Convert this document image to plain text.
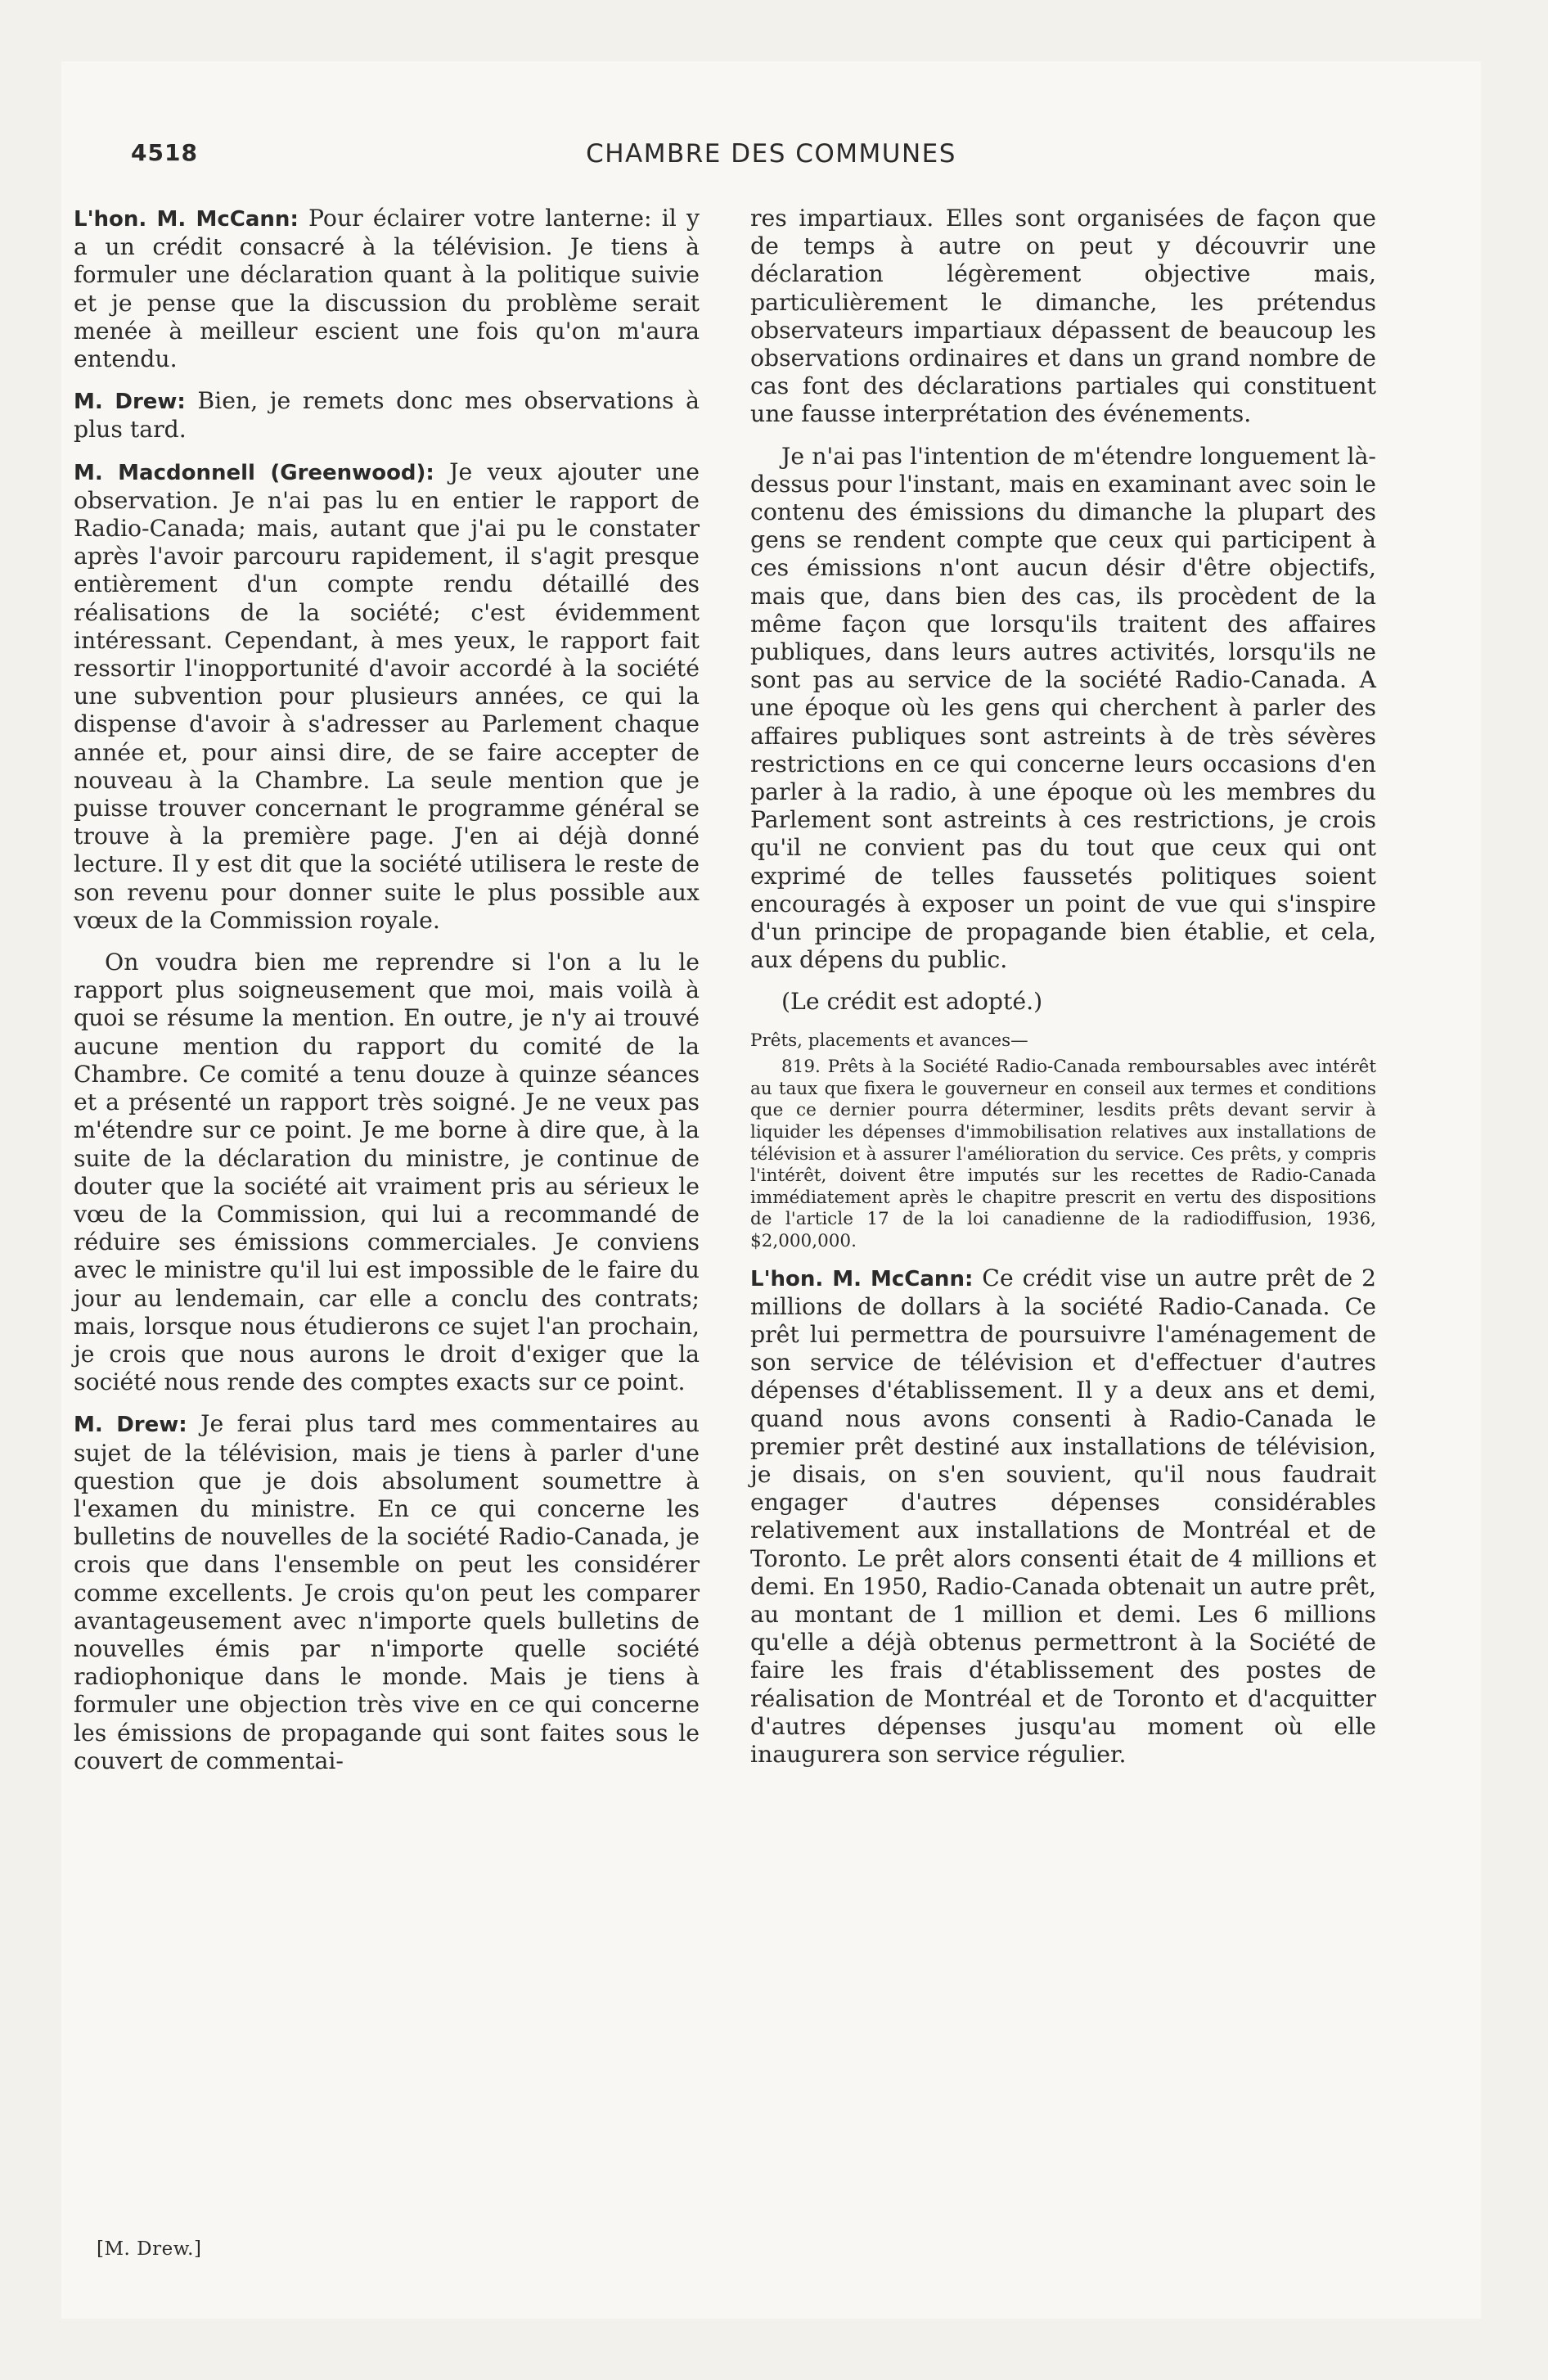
4518	CHAMBRE DES COMMUNES

L'hon. M. McCann: Pour éclairer votre lanterne: il y a un crédit consacré à la télévision. Je tiens à formuler une déclaration quant à la politique suivie et je pense que la discussion du problème serait menée à meilleur escient une fois qu'on m'aura entendu.

M. Drew: Bien, je remets donc mes observations à plus tard.

M. Macdonnell (Greenwood): Je veux ajouter une observation. Je n'ai pas lu en entier le rapport de Radio-Canada; mais, autant que j'ai pu le constater après l'avoir parcouru rapidement, il s'agit presque entièrement d'un compte rendu détaillé des réalisations de la société; c'est évidemment intéressant. Cependant, à mes yeux, le rapport fait ressortir l'inopportunité d'avoir accordé à la société une subvention pour plusieurs années, ce qui la dispense d'avoir à s'adresser au Parlement chaque année et, pour ainsi dire, de se faire accepter de nouveau à la Chambre. La seule mention que je puisse trouver concernant le programme général se trouve à la première page. J'en ai déjà donné lecture. Il y est dit que la société utilisera le reste de son revenu pour donner suite le plus possible aux vœux de la Commission royale.

On voudra bien me reprendre si l'on a lu le rapport plus soigneusement que moi, mais voilà à quoi se résume la mention. En outre, je n'y ai trouvé aucune mention du rapport du comité de la Chambre. Ce comité a tenu douze à quinze séances et a présenté un rapport très soigné. Je ne veux pas m'étendre sur ce point. Je me borne à dire que, à la suite de la déclaration du ministre, je continue de douter que la société ait vraiment pris au sérieux le vœu de la Commission, qui lui a recommandé de réduire ses émissions commerciales. Je conviens avec le ministre qu'il lui est impossible de le faire du jour au lendemain, car elle a conclu des contrats; mais, lorsque nous étudierons ce sujet l'an prochain, je crois que nous aurons le droit d'exiger que la société nous rende des comptes exacts sur ce point.

M. Drew: Je ferai plus tard mes commentaires au sujet de la télévision, mais je tiens à parler d'une question que je dois absolument soumettre à l'examen du ministre. En ce qui concerne les bulletins de nouvelles de la société Radio-Canada, je crois que dans l'ensemble on peut les considérer comme excellents. Je crois qu'on peut les comparer avantageusement avec n'importe quels bulletins de nouvelles émis par n'importe quelle société radiophonique dans le monde. Mais je tiens à formuler une objection très vive en ce qui concerne les émissions de propagande qui sont faites sous le couvert de commentai-

res impartiaux. Elles sont organisées de façon que de temps à autre on peut y découvrir une déclaration légèrement objective mais, particulièrement le dimanche, les prétendus observateurs impartiaux dépassent de beaucoup les observations ordinaires et dans un grand nombre de cas font des déclarations partiales qui constituent une fausse interprétation des événements.

Je n'ai pas l'intention de m'étendre longuement là-dessus pour l'instant, mais en examinant avec soin le contenu des émissions du dimanche la plupart des gens se rendent compte que ceux qui participent à ces émissions n'ont aucun désir d'être objectifs, mais que, dans bien des cas, ils procèdent de la même façon que lorsqu'ils traitent des affaires publiques, dans leurs autres activités, lorsqu'ils ne sont pas au service de la société Radio-Canada. A une époque où les gens qui cherchent à parler des affaires publiques sont astreints à de très sévères restrictions en ce qui concerne leurs occasions d'en parler à la radio, à une époque où les membres du Parlement sont astreints à ces restrictions, je crois qu'il ne convient pas du tout que ceux qui ont exprimé de telles faussetés politiques soient encouragés à exposer un point de vue qui s'inspire d'un principe de propagande bien établie, et cela, aux dépens du public.

(Le crédit est adopté.)

Prêts, placements et avances—

819. Prêts à la Société Radio-Canada remboursables avec intérêt au taux que fixera le gouverneur en conseil aux termes et conditions que ce dernier pourra déterminer, lesdits prêts devant servir à liquider les dépenses d'immobilisation relatives aux installations de télévision et à assurer l'amélioration du service. Ces prêts, y compris l'intérêt, doivent être imputés sur les recettes de Radio-Canada immédiatement après le chapitre prescrit en vertu des dispositions de l'article 17 de la loi canadienne de la radiodiffusion, 1936, $2,000,000.

L'hon. M. McCann: Ce crédit vise un autre prêt de 2 millions de dollars à la société Radio-Canada. Ce prêt lui permettra de poursuivre l'aménagement de son service de télévision et d'effectuer d'autres dépenses d'établissement. Il y a deux ans et demi, quand nous avons consenti à Radio-Canada le premier prêt destiné aux installations de télévision, je disais, on s'en souvient, qu'il nous faudrait engager d'autres dépenses considérables relativement aux installations de Montréal et de Toronto. Le prêt alors consenti était de 4 millions et demi. En 1950, Radio-Canada obtenait un autre prêt, au montant de 1 million et demi. Les 6 millions qu'elle a déjà obtenus permettront à la Société de faire les frais d'établissement des postes de réalisation de Montréal et de Toronto et d'acquitter d'autres dépenses jusqu'au moment où elle inaugurera son service régulier.

[M. Drew.]
